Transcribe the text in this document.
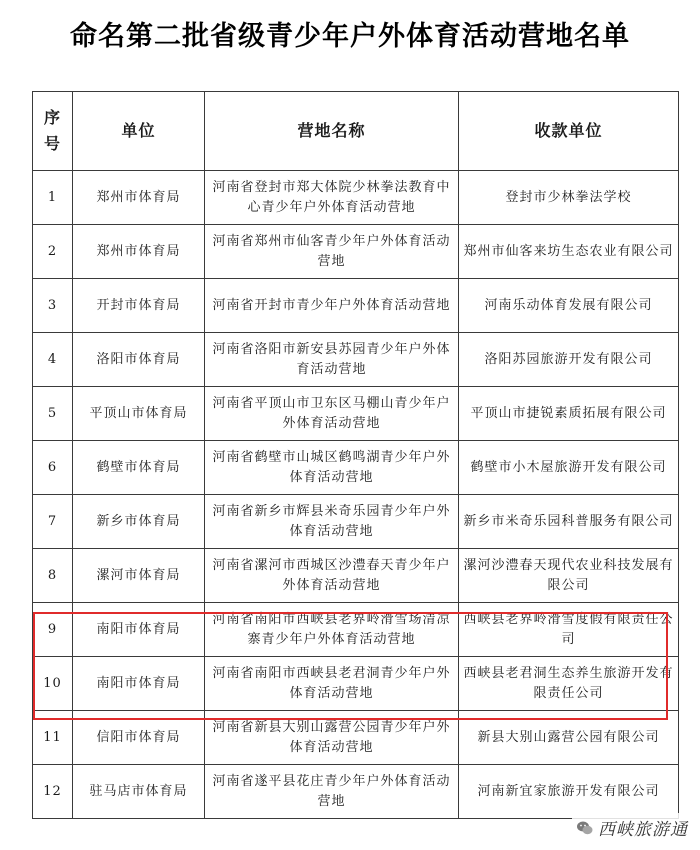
命名第二批省级青少年户外体育活动营地名单
序
号	单位	营地名称	收款单位
1	郑州市体育局	河南省登封市郑大体院少林拳法教育中心青少年户外体育活动营地	登封市少林拳法学校
2	郑州市体育局	河南省郑州市仙客青少年户外体育活动营地	郑州市仙客来坊生态农业有限公司
3	开封市体育局	河南省开封市青少年户外体育活动营地	河南乐动体育发展有限公司
4	洛阳市体育局	河南省洛阳市新安县苏园青少年户外体育活动营地	洛阳苏园旅游开发有限公司
5	平顶山市体育局	河南省平顶山市卫东区马棚山青少年户外体育活动营地	平顶山市捷锐素质拓展有限公司
6	鹤壁市体育局	河南省鹤壁市山城区鹤鸣湖青少年户外体育活动营地	鹤壁市小木屋旅游开发有限公司
7	新乡市体育局	河南省新乡市辉县米奇乐园青少年户外体育活动营地	新乡市米奇乐园科普服务有限公司
8	漯河市体育局	河南省漯河市西城区沙澧春天青少年户外体育活动营地	漯河沙澧春天现代农业科技发展有限公司
9	南阳市体育局	河南省南阳市西峡县老界岭滑雪场清凉寨青少年户外体育活动营地	西峡县老界岭滑雪度假有限责任公司
10	南阳市体育局	河南省南阳市西峡县老君洞青少年户外体育活动营地	西峡县老君洞生态养生旅游开发有限责任公司
11	信阳市体育局	河南省新县大别山露营公园青少年户外体育活动营地	新县大别山露营公园有限公司
12	驻马店市体育局	河南省遂平县花庄青少年户外体育活动营地	河南新宜家旅游开发有限公司
西峡旅游通
